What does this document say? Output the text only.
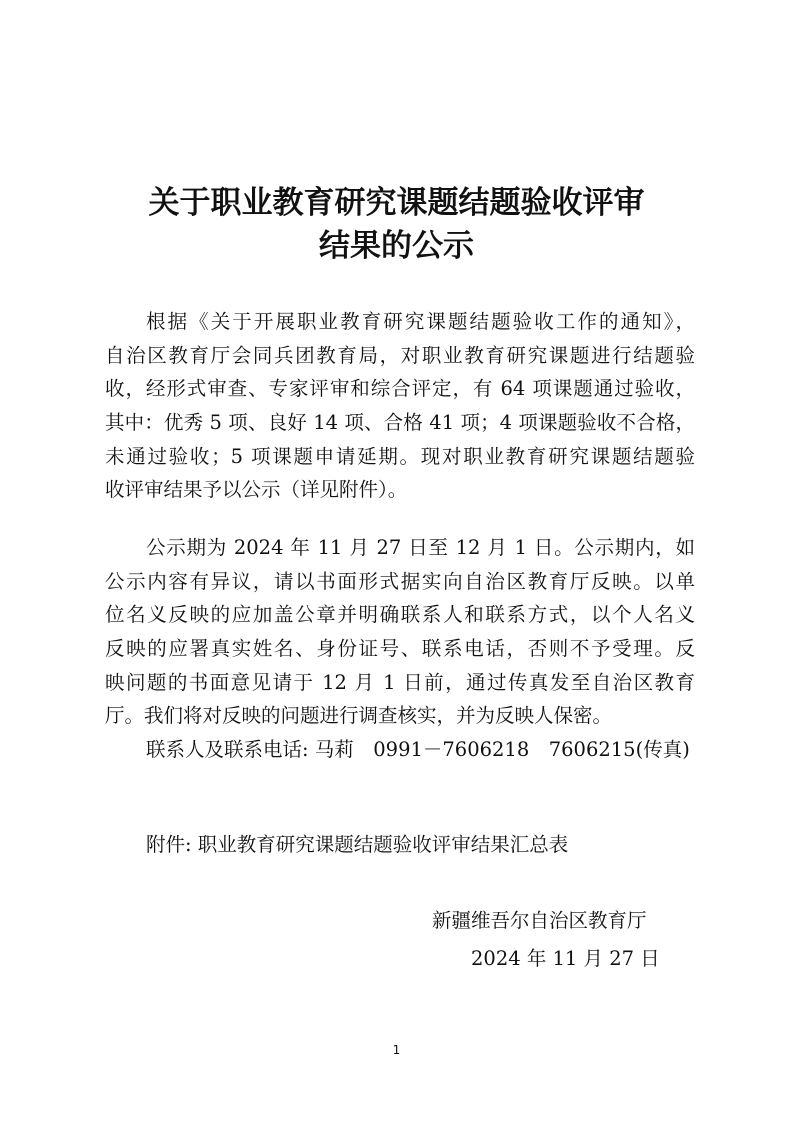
关于职业教育研究课题结题验收评审
结果的公示
根据《关于开展职业教育研究课题结题验收工作的通知》，
自治区教育厅会同兵团教育局，对职业教育研究课题进行结题验
收，经形式审查、专家评审和综合评定，有 64 项课题通过验收，
其中：优秀 5 项、良好 14 项、合格 41 项；4 项课题验收不合格，
未通过验收；5 项课题申请延期。现对职业教育研究课题结题验
收评审结果予以公示（详见附件）。
公示期为 2024 年 11 月 27 日至 12 月 1 日。公示期内，如
公示内容有异议，请以书面形式据实向自治区教育厅反映。以单
位名义反映的应加盖公章并明确联系人和联系方式，以个人名义
反映的应署真实姓名、身份证号、联系电话，否则不予受理。反
映问题的书面意见请于 12 月 1 日前，通过传真发至自治区教育
厅。我们将对反映的问题进行调查核实，并为反映人保密。
联系人及联系电话: 马莉　0991－7606218　7606215(传真)
附件: 职业教育研究课题结题验收评审结果汇总表
新疆维吾尔自治区教育厅
2024 年 11 月 27 日
1
